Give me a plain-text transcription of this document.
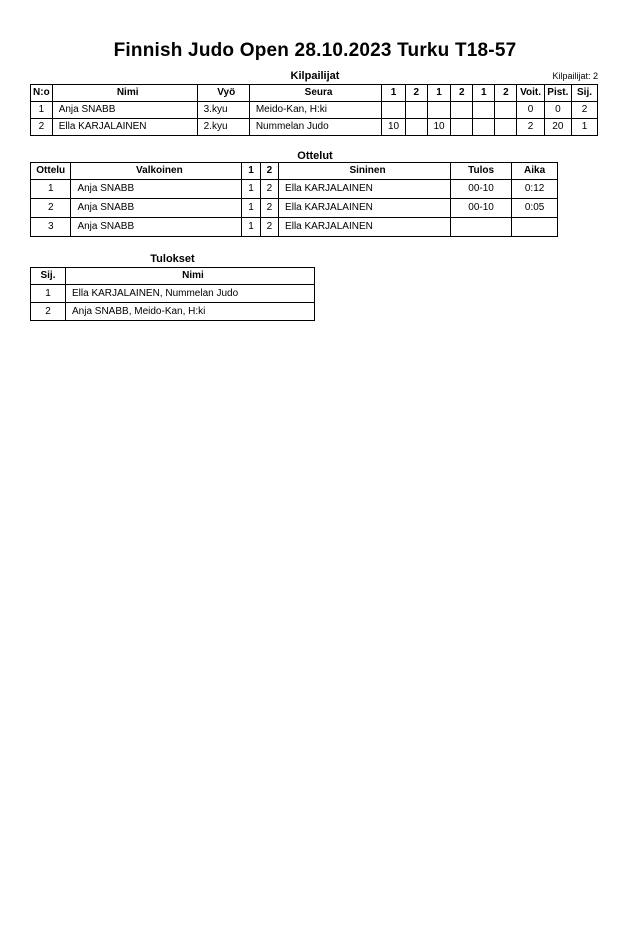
Finnish Judo Open 28.10.2023 Turku T18-57
Kilpailijat	Kilpailijat: 2
N:o	Nimi	Vyö	Seura	1	2	1	2	1	2	Voit.	Pist.	Sij.
1	Anja SNABB	3.kyu	Meido-Kan, H:ki							0	0	2
2	Ella KARJALAINEN	2.kyu	Nummelan Judo	10		10				2	20	1
Ottelut
Ottelu	Valkoinen	1	2	Sininen	Tulos	Aika
1	Anja SNABB	1	2	Ella KARJALAINEN	00-10	0:12
2	Anja SNABB	1	2	Ella KARJALAINEN	00-10	0:05
3	Anja SNABB	1	2	Ella KARJALAINEN		
Tulokset
Sij.	Nimi
1	Ella KARJALAINEN, Nummelan Judo
2	Anja SNABB, Meido-Kan, H:ki
